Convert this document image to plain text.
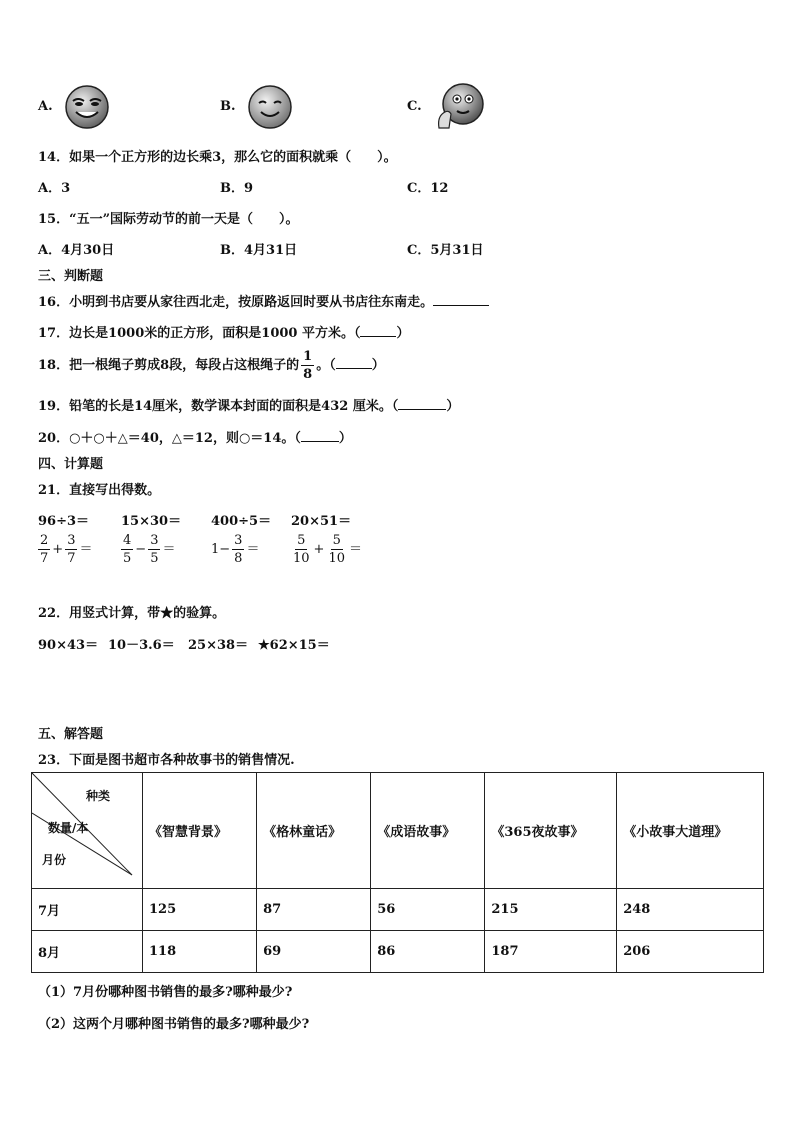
A.	B.	C.
14．如果一个正方形的边长乘3，那么它的面积就乘（　　）。
A．3	B．9	C．12
15．“五一”国际劳动节的前一天是（　　）。
A．4月30日	B．4月31日	C．5月31日
三、判断题
16．小明到书店要从家往西北走，按原路返回时要从书店往东南走。
17．边长是1000米的正方形，面积是1000 平方米。（	）
18．把一根绳子剪成8段，每段占这根绳子的 $\frac{1}{8}$ 。（	）
19．铅笔的长是14厘米，数学课本封面的面积是432 厘米。（	）
20．○＋○＋△＝40，△＝12，则○＝14。（	）
四、计算题
21．直接写出得数。
96÷3＝ 15×30＝ 400÷5＝ 20×51＝
$\frac{2}{7} + \frac{3}{7} = \frac{4}{5} - \frac{3}{5}$ ＝	$1- \frac{3}{8} = \frac{5}{10} + \frac{5}{10}$ ＝
22．用竖式计算，带★的验算。
90×43＝ 10－3.6＝ 25×38＝ ★62×15＝
五、解答题
23．下面是图书超市各种故事书的销售情况.
种类
数量/本
月份	《智慧背景》	《格林童话》	《成语故事》	《365夜故事》	《小故事大道理》
7月	125	87	56	215	248
8月	118	69	86	187	206
（1）7月份哪种图书销售的最多?哪种最少?
（2）这两个月哪种图书销售的最多?哪种最少?
